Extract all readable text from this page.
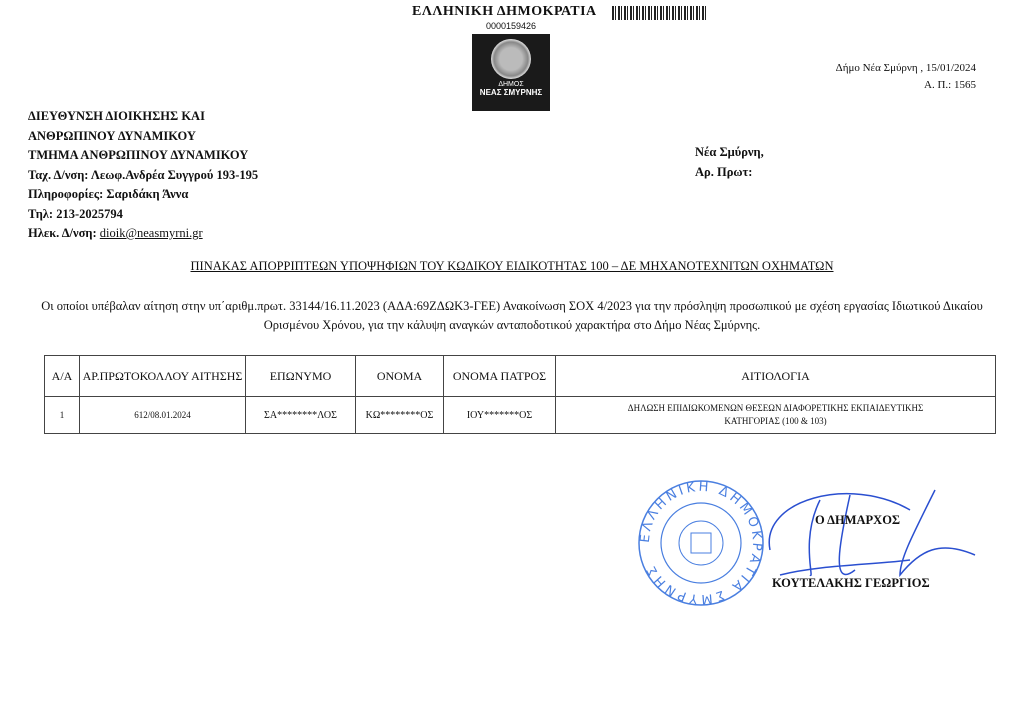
ΕΛΛΗΝΙΚΗ ΔΗΜΟΚΡΑΤΙΑ
0000159426
ΔΗΜΟΣ
ΝΕΑΣ ΣΜΥΡΝΗΣ
Δήμο Νέα Σμύρνη , 15/01/2024
Α. Π.: 1565
ΔΙΕΥΘΥΝΣΗ ΔΙΟΙΚΗΣΗΣ ΚΑΙ
ΑΝΘΡΩΠΙΝΟΥ ΔΥΝΑΜΙΚΟΥ
ΤΜΗΜΑ ΑΝΘΡΩΠΙΝΟΥ ΔΥΝΑΜΙΚΟΥ
Ταχ. Δ/νση: Λεωφ.Ανδρέα Συγγρού 193-195
Πληροφορίες: Σαριδάκη Άννα
Τηλ: 213-2025794
Ηλεκ. Δ/νση: dioik@neasmyrni.gr
Νέα Σμύρνη,
Αρ. Πρωτ:
ΠΙΝΑΚΑΣ ΑΠΟΡΡΙΠΤΕΩΝ ΥΠΟΨΗΦΙΩΝ ΤΟΥ ΚΩΔΙΚΟΥ ΕΙΔΙΚΟΤΗΤΑΣ 100 – ΔΕ ΜΗΧΑΝΟΤΕΧΝΙΤΩΝ ΟΧΗΜΑΤΩΝ
Οι οποίοι υπέβαλαν αίτηση στην υπ΄αριθμ.πρωτ. 33144/16.11.2023 (ΑΔΑ:69ΖΔΩΚ3-ΓΕΕ) Ανακοίνωση ΣΟΧ 4/2023 για την πρόσληψη προσωπικού με σχέση εργασίας Ιδιωτικού Δικαίου Ορισμένου Χρόνου, για την κάλυψη αναγκών ανταποδοτικού χαρακτήρα στο Δήμο Νέας Σμύρνης.
Α/Α	ΑΡ.ΠΡΩΤΟΚΟΛΛΟΥ ΑΙΤΗΣΗΣ	ΕΠΩΝΥΜΟ	ΟΝΟΜΑ	ΟΝΟΜΑ ΠΑΤΡΟΣ	ΑΙΤΙΟΛΟΓΙΑ
1	612/08.01.2024	ΣΑ********ΛΟΣ	ΚΩ********ΟΣ	ΙΟΥ*******ΟΣ	ΔΗΛΩΣΗ ΕΠΙΔΙΩΚΟΜΕΝΩΝ ΘΕΣΕΩΝ ΔΙΑΦΟΡΕΤΙΚΗΣ ΕΚΠΑΙΔΕΥΤΙΚΗΣ ΚΑΤΗΓΟΡΙΑΣ (100 & 103)
ΕΛΛΗΝΙΚΗ ΔΗΜΟΚΡΑΤΙΑ ΣΜΥΡΝΗΣ
Ο ΔΗΜΑΡΧΟΣ
ΚΟΥΤΕΛΑΚΗΣ ΓΕΩΡΓΙΟΣ
